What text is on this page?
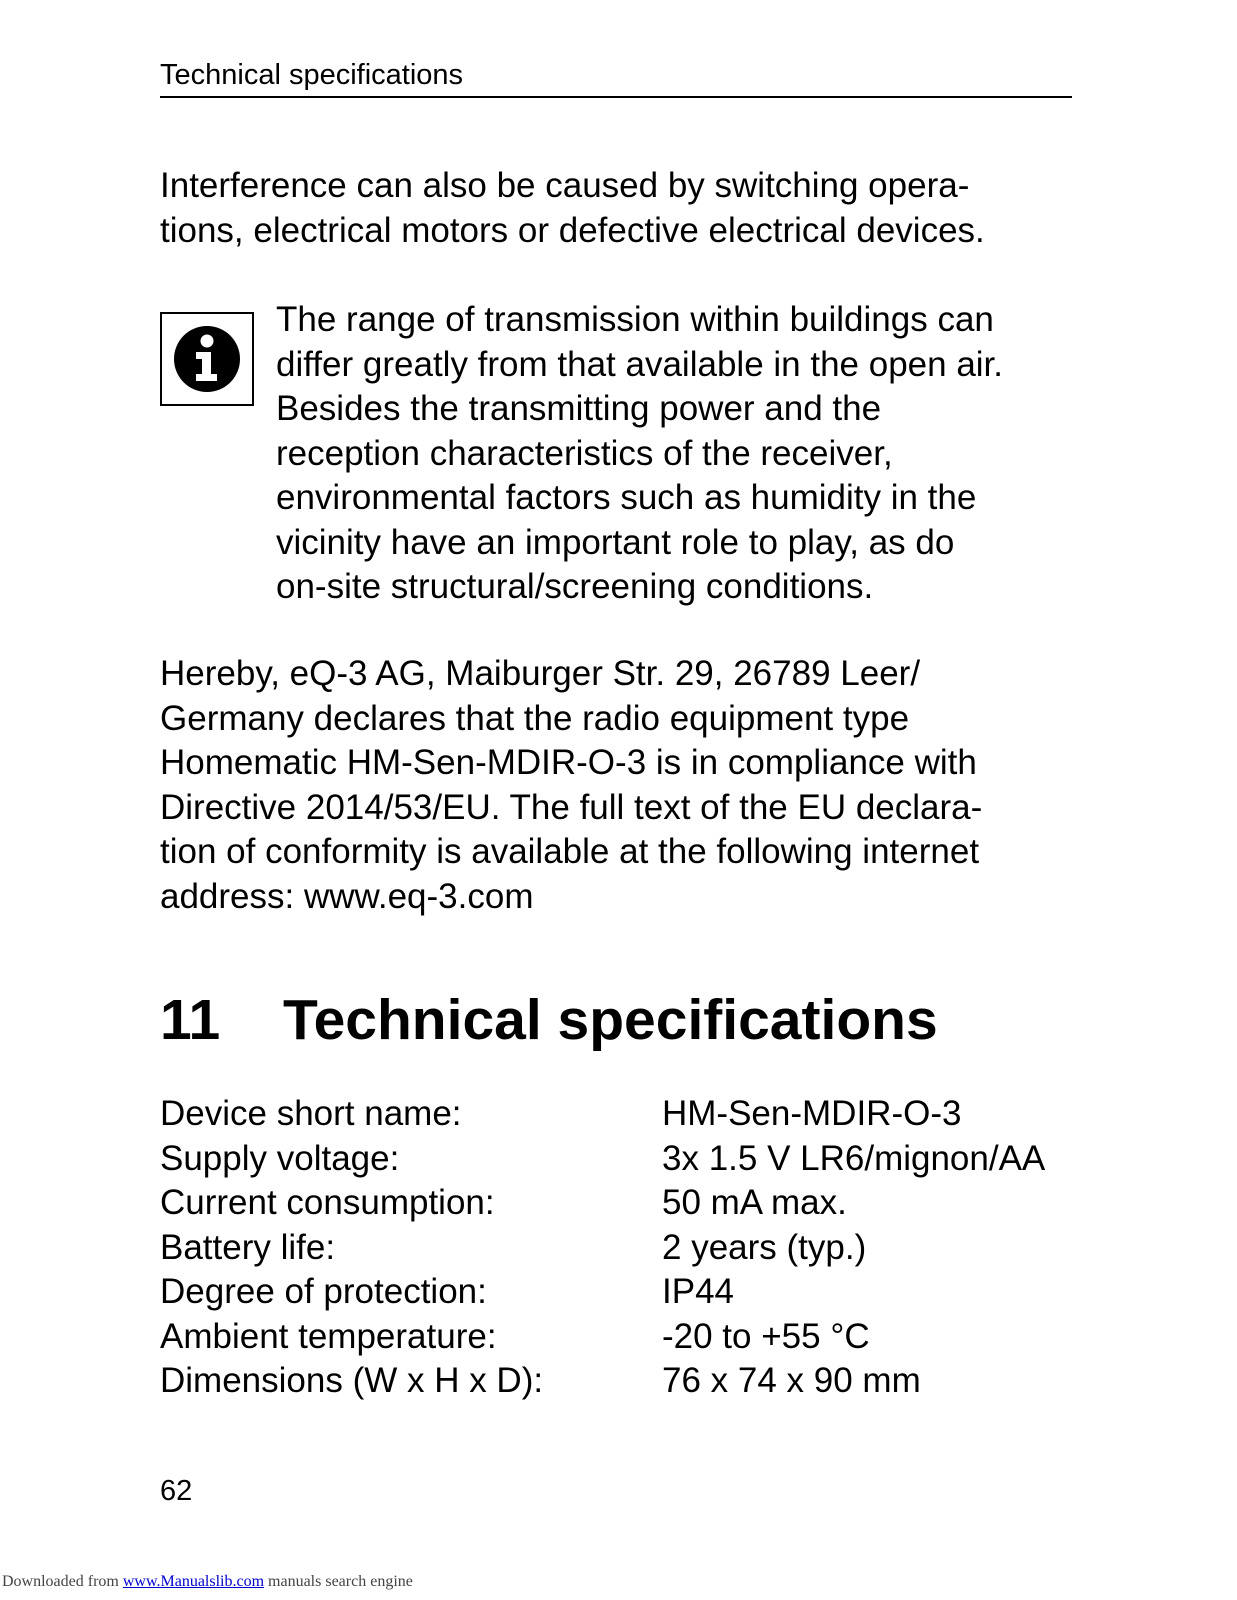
Technical specifications

Interference can also be caused by switching opera-
tions, electrical motors or defective electrical devices.

The range of transmission within buildings can
differ greatly from that available in the open air.
Besides the transmitting power and the
reception characteristics of the receiver,
environmental factors such as humidity in the
vicinity have an important role to play, as do
on-site structural/screening conditions.

Hereby, eQ-3 AG, Maiburger Str. 29, 26789 Leer/
Germany declares that the radio equipment type
Homematic HM-Sen-MDIR-O-3 is in compliance with
Directive 2014/53/EU. The full text of the EU declara-
tion of conformity is available at the following internet
address: www.eq-3.com

11 Technical specifications
Device short name:	HM-Sen-MDIR-O-3
Supply voltage:	3x 1.5 V LR6/mignon/AA
Current consumption:	50 mA max.
Battery life:	2 years (typ.)
Degree of protection:	IP44
Ambient temperature:	-20 to +55 °C
Dimensions (W x H x D):	76 x 74 x 90 mm
62
Downloaded from www.Manualslib.com manuals search engine
